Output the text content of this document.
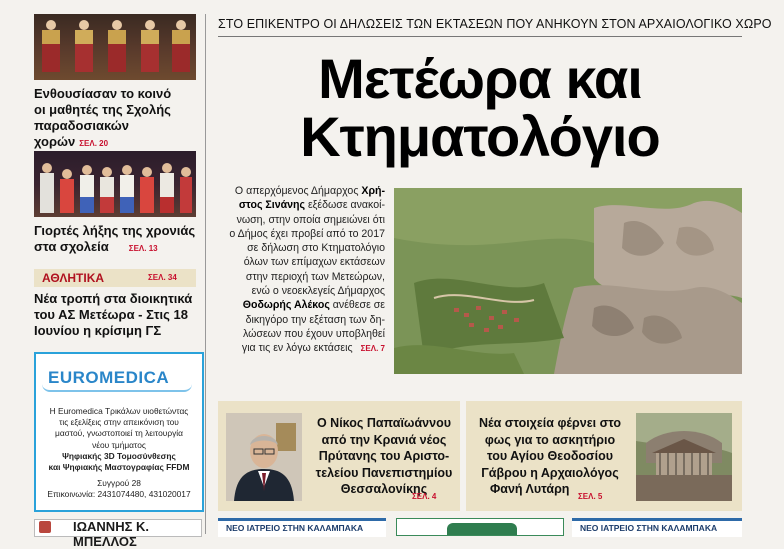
Ενθουσίασαν το κοινό
οι μαθητές της Σχολής
παραδοσιακών χορών ΣΕΛ. 20
Γιορτές λήξης της χρονιάς
στα σχολεία	ΣΕΛ. 13
ΑΘΛΗΤΙΚΑ	ΣΕΛ. 34
Νέα τροπή στα διοικητικά
του ΑΣ Μετέωρα - Στις 18
Ιουνίου η κρίσιμη ΓΣ
EUROMEDICA
Η Euromedica Τρικάλων υιοθετώντας
τις εξελίξεις στην απεικόνιση του
μαστού, γνωστοποιεί τη λειτουργία
νέου τμήματος
Ψηφιακής 3D Τομοσύνθεσης
και Ψηφιακής Μαστογραφίας FFDM
Συγγρού 28
Επικοινωνία: 2431074480, 431020017
ΙΩΑΝΝΗΣ Κ. ΜΠΕΛΛΟΣ
ΣΤΟ ΕΠΙΚΕΝΤΡΟ ΟΙ ΔΗΛΩΣΕΙΣ ΤΩΝ ΕΚΤΑΣΕΩΝ ΠΟΥ ΑΝΗΚΟΥΝ ΣΤΟΝ ΑΡΧΑΙΟΛΟΓΙΚΟ ΧΩΡΟ
Μετέωρα και
Κτηματολόγιο
Ο απερχόμενος Δήμαρχος Χρή-
στος Σινάνης εξέδωσε ανακοί-
νωση, στην οποία σημειώνει ότι
ο Δήμος έχει προβεί από το 2017
σε δήλωση στο Κτηματολόγιο
όλων των επίμαχων εκτάσεων
στην περιοχή των Μετεώρων,
ενώ ο νεοεκλεγείς Δήμαρχος
Θοδωρής Αλέκος ανέθεσε σε
δικηγόρο την εξέταση των δη-
λώσεων που έχουν υποβληθεί
για τις εν λόγω εκτάσεις ΣΕΛ. 7
Ο Νίκος Παπαϊωάννου
από την Κρανιά νέος
Πρύτανης του Αριστο-
τελείου Πανεπιστημίου
Θεσσαλονίκης
ΣΕΛ. 4
Νέα στοιχεία φέρνει στο
φως για το ασκητήριο
του Αγίου Θεοδοσίου
Γάβρου η Αρχαιολόγος
Φανή Λυτάρη
ΣΕΛ. 5
ΝΕΟ ΙΑΤΡΕΙΟ ΣΤΗΝ ΚΑΛΑΜΠΑΚΑ	ΝΕΟ ΙΑΤΡΕΙΟ ΣΤΗΝ ΚΑΛΑΜΠΑΚΑ
